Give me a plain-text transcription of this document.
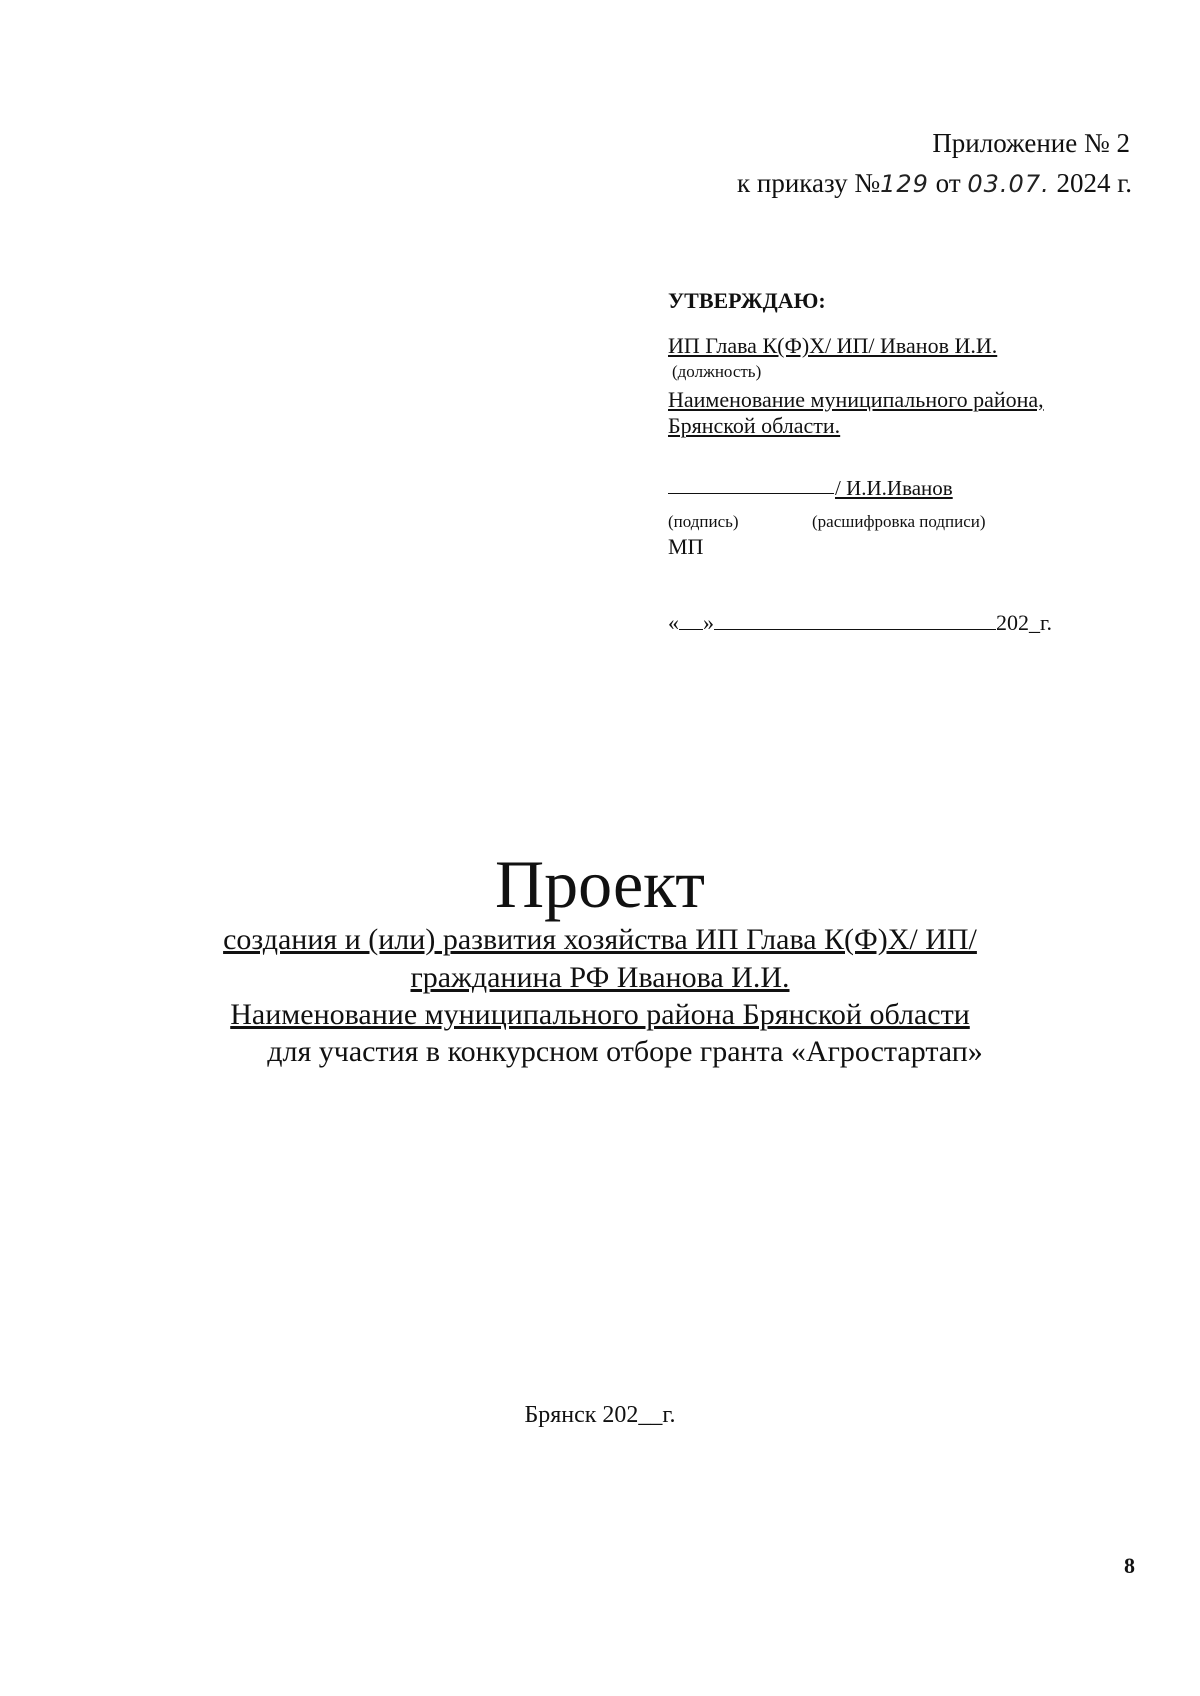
Приложение № 2
к приказу №129 от 03.07. 2024 г.
УТВЕРЖДАЮ:
ИП Глава К(Ф)Х/ ИП/ Иванов И.И.
(должность)
Наименование муниципального района,
Брянской области.
/ И.И.Иванов
(подпись)	(расшифровка подписи)
МП
« »	202_г.
Проект
создания и (или) развития хозяйства ИП Глава К(Ф)Х/ ИП/
гражданина РФ Иванова И.И.
Наименование муниципального района Брянской области
для участия в конкурсном отборе гранта «Агростартап»
Брянск 202__г.
8
